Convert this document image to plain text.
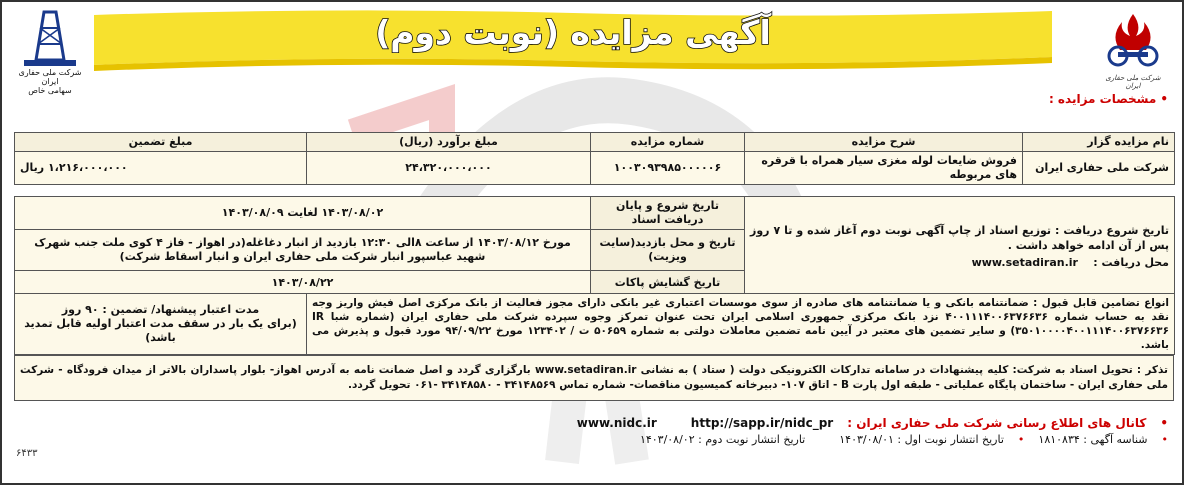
آگهی مزایده (نوبت دوم)
شرکت ملی حفاری ایران
سهامی خاص
شرکت ملی حفاری ایران
•مشخصات مزایده :
نام مزایده گزار	شرح مزایده	شماره مزایده	مبلغ برآورد (ریال)	مبلغ تضمین
شرکت ملی حفاری ایران	فروش ضایعات لوله مغزی سیار همراه با قرقره های مربوطه	۱۰۰۳۰۹۳۹۸۵۰۰۰۰۰۶	۲۴،۳۲۰،۰۰۰،۰۰۰	۱،۲۱۶،۰۰۰،۰۰۰ ریال
تاریخ شروع دریافت : توزیع اسناد از چاپ آگهی نوبت دوم آغاز شده و تا ۷ روز پس از آن ادامه خواهد داشت .
محل دریافت :    www.setadiran.ir	تاریخ شروع و پایان دریافت اسناد	۱۴۰۳/۰۸/۰۲ لغایت ۱۴۰۳/۰۸/۰۹
	تاریخ و محل بازدید(سایت ویزیت)	مورخ ۱۴۰۳/۰۸/۱۲ از ساعت ۸الی ۱۲:۳۰ بازدید از انبار دغاغله(در اهواز - فاز ۴ کوی ملت جنب شهرک شهید عباسپور انبار شرکت ملی حفاری ایران و انبار اسقاط شرکت)
	تاریخ گشایش پاکات	۱۴۰۳/۰۸/۲۲
انواع تضامین قابل قبول : ضمانتنامه بانکی و یا ضمانتنامه های صادره از سوی موسسات اعتباری غیر بانکی دارای مجوز فعالیت از بانک مرکزی اصل فیش واریز وجه نقد به حساب شماره ۴۰۰۱۱۱۴۰۰۶۳۷۶۶۳۶ نزد بانک مرکزی جمهوری اسلامی ایران تحت عنوان تمرکز وجوه سپرده شرکت ملی حفاری ایران (شماره شبا IR ۳۵۰۱۰۰۰۰۴۰۰۱۱۱۴۰۰۶۳۷۶۶۳۶) و سایر تضمین های معتبر در آیین نامه تضمین معاملات دولتی به شماره ۵۰۶۵۹ ت / ۱۲۳۴۰۲ مورخ ۹۴/۰۹/۲۲ مورد قبول و پذیرش می باشد.	
مدت اعتبار پیشنهاد/ تضمین : ۹۰ روز
(برای یک بار در سقف مدت اعتبار اولیه قابل تمدید باشد)
تذکر : تحویل اسناد به شرکت: کلیه پیشنهادات در سامانه تدارکات الکترونیکی دولت ( ستاد ) به نشانی www.setadiran.ir بارگزاری گردد و اصل ضمانت نامه به آدرس اهواز- بلوار پاسداران بالاتر از میدان فرودگاه - شرکت ملی حفاری ایران - ساختمان پایگاه عملیاتی - طبقه اول پارت B - اتاق ۱۰۷- دبیرخانه کمیسیون مناقصات- شماره تماس ۳۴۱۴۸۵۶۹ - ۳۴۱۴۸۵۸۰ -۰۶۱ تحویل گردد.
•
کانال های اطلاع رسانی شرکت ملی حفاری ایران :
http://sapp.ir/nidc_pr
www.nidc.ir
•
شناسه آگهی : ۱۸۱۰۸۳۴
•
تاریخ انتشار نوبت اول : ۱۴۰۳/۰۸/۰۱
تاریخ انتشار نوبت دوم : ۱۴۰۳/۰۸/۰۲
۶۴۳۳
